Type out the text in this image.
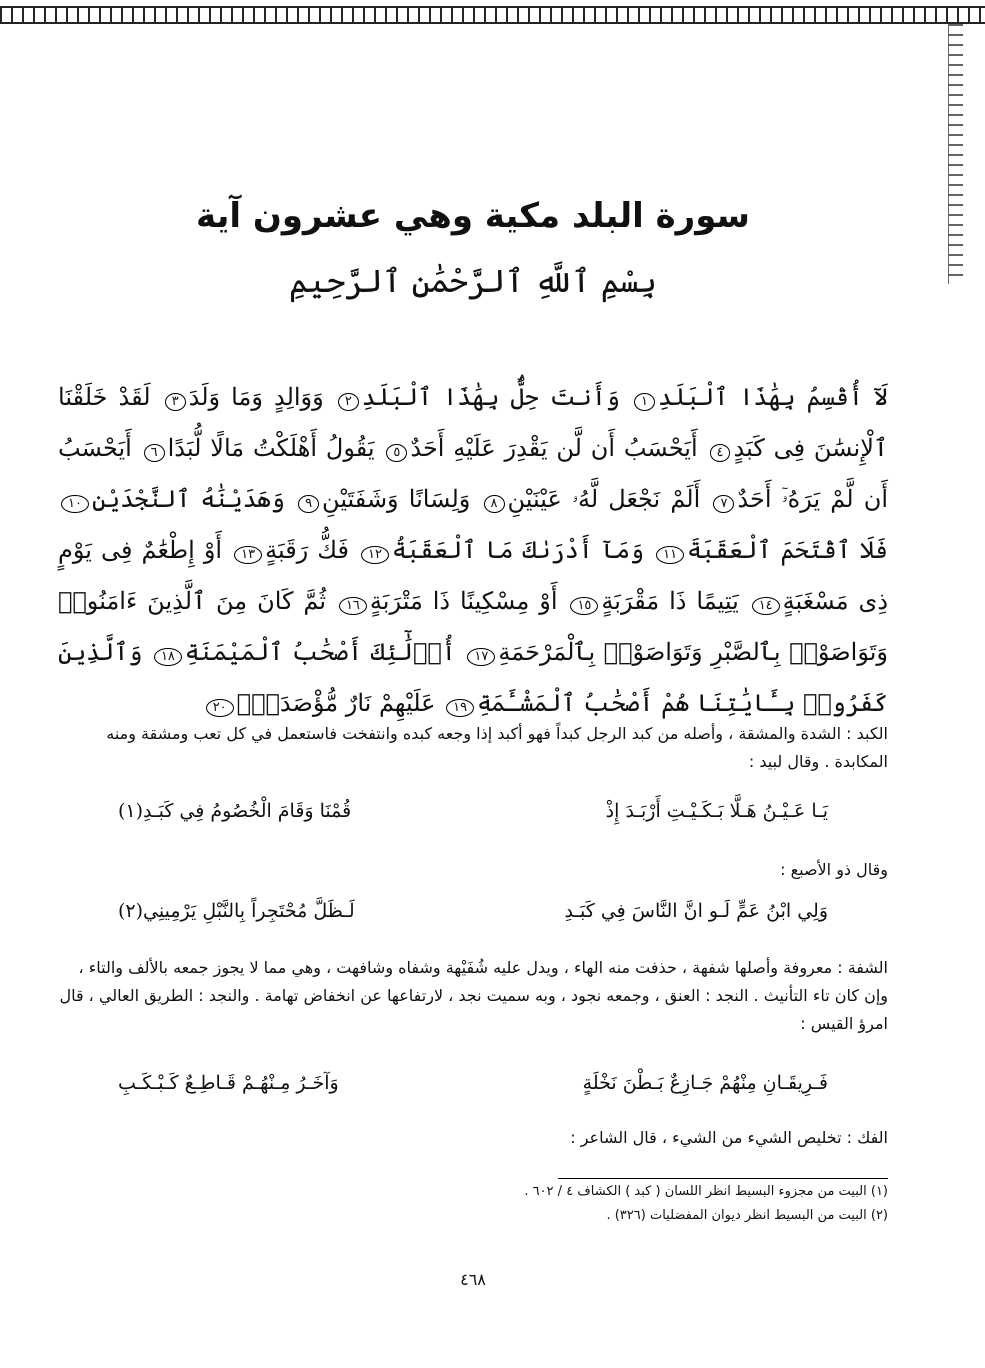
سورة البلد مكية وهي عشرون آية
بِسْمِ ٱللَّهِ ٱلرَّحْمَٰنِ ٱلرَّحِيمِ
لَآ أُقْسِمُ بِهَٰذَا ٱلْبَلَدِ١ وَأَنتَ حِلٌّۢ بِهَٰذَا ٱلْبَلَدِ٢ وَوَالِدٍ وَمَا وَلَدَ٣ لَقَدْ خَلَقْنَا ٱلْإِنسَٰنَ فِى كَبَدٍ٤ أَيَحْسَبُ أَن لَّن يَقْدِرَ عَلَيْهِ أَحَدٌ٥ يَقُولُ أَهْلَكْتُ مَالًا لُّبَدًا٦ أَيَحْسَبُ أَن لَّمْ يَرَهُۥٓ أَحَدٌ٧ أَلَمْ نَجْعَل لَّهُۥ عَيْنَيْنِ٨ وَلِسَانًا وَشَفَتَيْنِ٩ وَهَدَيْنَٰهُ ٱلنَّجْدَيْنِ١٠ فَلَا ٱقْتَحَمَ ٱلْعَقَبَةَ١١ وَمَآ أَدْرَىٰكَ مَا ٱلْعَقَبَةُ١٢ فَكُّ رَقَبَةٍ١٣ أَوْ إِطْعَٰمٌ فِى يَوْمٍ ذِى مَسْغَبَةٍ١٤ يَتِيمًا ذَا مَقْرَبَةٍ١٥ أَوْ مِسْكِينًا ذَا مَتْرَبَةٍ١٦ ثُمَّ كَانَ مِنَ ٱلَّذِينَ ءَامَنُوا۟ وَتَوَاصَوْا۟ بِٱلصَّبْرِ وَتَوَاصَوْا۟ بِٱلْمَرْحَمَةِ١٧ أُو۟لَٰٓئِكَ أَصْحَٰبُ ٱلْمَيْمَنَةِ١٨ وَٱلَّذِينَ كَفَرُوا۟ بِـَٔايَٰتِنَا هُمْ أَصْحَٰبُ ٱلْمَشْـَٔمَةِ١٩ عَلَيْهِمْ نَارٌ مُّؤْصَدَةٌۢ٢٠
الكبد : الشدة والمشقة ، وأصله من كبد الرجل كبداً فهو أكبد إذا وجعه كبده وانتفخت فاستعمل في كل تعب ومشقة ومنه المكابدة . وقال لبيد :
يَـا عَـيْـنُ هَـلَّا بَـكَـيْـتِ أَرْبَـدَ إِذْ
قُمْنَا وَقَامَ الْخُصُومُ فِي كَبَـدِ(١)
وقال ذو الأصبع :
وَلِي ابْنُ عَمٍّ لَـو انَّ النَّاسَ فِي كَبَـدِ
لَـظَلَّ مُحْتَجِراً بِالنَّبْلِ يَرْمِينِي(٢)
الشفة : معروفة وأصلها شفهة ، حذفت منه الهاء ، ويدل عليه شُفَيْهة وشفاه وشافهت ، وهي مما لا يجوز جمعه بالألف والتاء ، وإن كان تاء التأنيث . النجد : العنق ، وجمعه نجود ، وبه سميت نجد ، لارتفاعها عن انخفاض تهامة . والنجد : الطريق العالي ، قال امرؤ القيس :
فَـرِيقَـانِ مِنْهُمْ جَـازِعٌ بَـطْنَ نَخْلَةٍ
وَآخَـرُ مِـنْهُـمْ قَـاطِـعٌ كَـبْـكَـبِ
الفك : تخليص الشيء من الشيء ، قال الشاعر :
(١) البيت من مجزوء البسيط انظر اللسان ( كبد ) الكشاف ٤ / ٦٠٢ .
(٢) البيت من البسيط انظر ديوان المفضليات (٣٢٦) .
٤٦٨
